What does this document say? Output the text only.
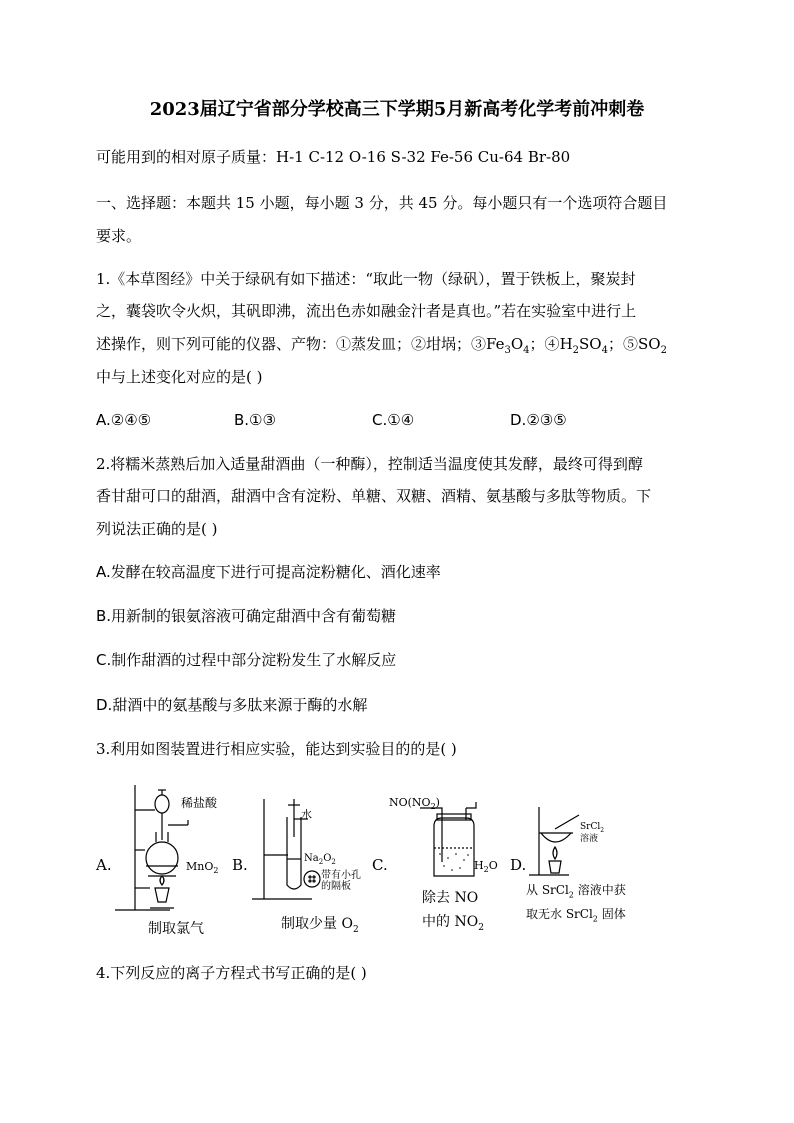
2023届辽宁省部分学校高三下学期5月新高考化学考前冲刺卷
可能用到的相对原子质量：H-1 C-12 O-16 S-32 Fe-56 Cu-64 Br-80
一、选择题：本题共 15 小题，每小题 3 分，共 45 分。每小题只有一个选项符合题目
要求。
1.《本草图经》中关于绿矾有如下描述：“取此一物（绿矾），置于铁板上，聚炭封
之，囊袋吹令火炽，其矾即沸，流出色赤如融金汁者是真也。”若在实验室中进行上
述操作，则下列可能的仪器、产物：①蒸发皿；②坩埚；$③Fe_3O_4$；$④H_2SO_4$；$⑤SO_2$
中与上述变化对应的是( )
A.②④⑤	B.①③	C.①④	D.②③⑤
2.将糯米蒸熟后加入适量甜酒曲（一种酶），控制适当温度使其发酵，最终可得到醇
香甘甜可口的甜酒，甜酒中含有淀粉、单糖、双糖、酒精、氨基酸与多肽等物质。下
列说法正确的是( )
A.发酵在较高温度下进行可提高淀粉糖化、酒化速率
B.用新制的银氨溶液可确定甜酒中含有葡萄糖
C.制作甜酒的过程中部分淀粉发生了水解反应
D.甜酒中的氨基酸与多肽来源于酶的水解
3.利用如图装置进行相应实验，能达到实验目的的是( )
A.
稀盐酸
MnO$_2$
制取氯气
B.
水
$Na_2O_2$
带有小孔
的隔板
制取少量 $O_2$
C.
$NO(NO_2)$
$H_2O$
除去 NO
中的 $NO_2$
D.
SrCl$_2$
溶液
从 SrCl$_2$ 溶液中获
取无水 SrCl$_2$ 固体
4.下列反应的离子方程式书写正确的是( )
